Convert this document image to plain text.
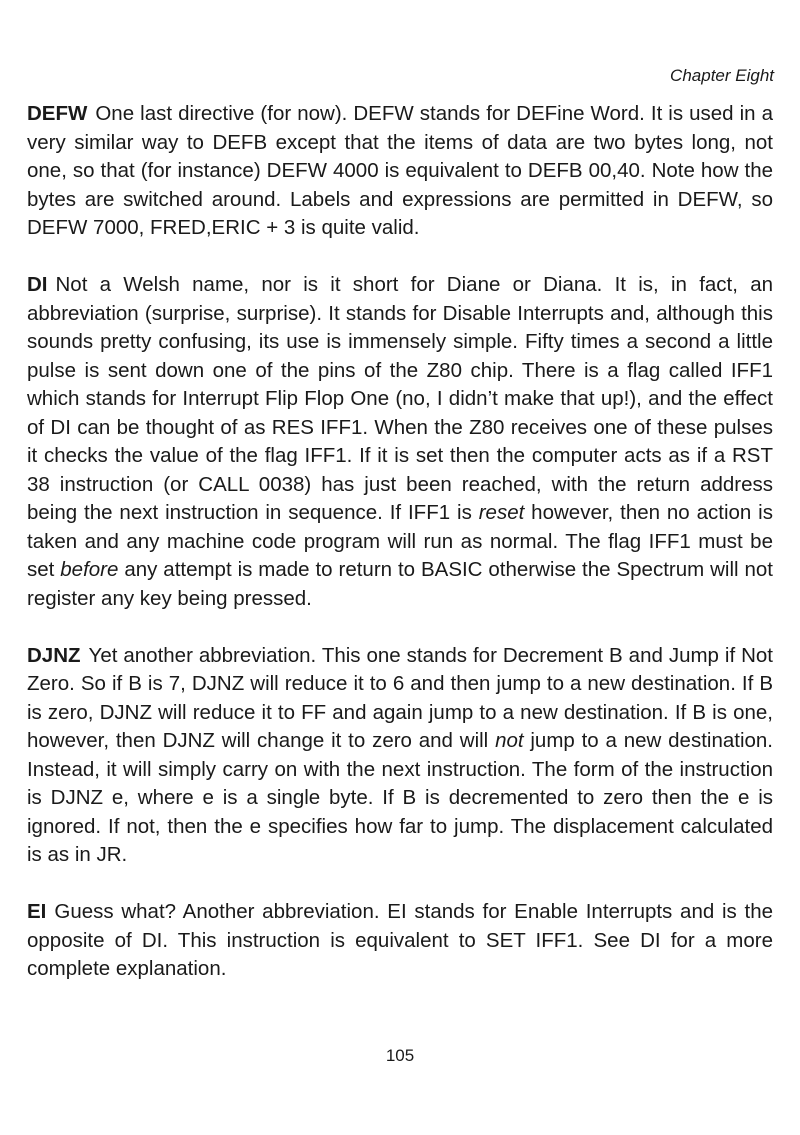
Chapter Eight

DEFW One last directive (for now). DEFW stands for DEFine Word. It is used in a very similar way to DEFB except that the items of data are two bytes long, not one, so that (for instance) DEFW 4000 is equivalent to DEFB 00,40. Note how the bytes are switched around. Labels and expressions are permitted in DEFW, so DEFW 7000, FRED,ERIC + 3 is quite valid.

DI Not a Welsh name, nor is it short for Diane or Diana. It is, in fact, an abbreviation (surprise, surprise). It stands for Disable Interrupts and, although this sounds pretty confusing, its use is immensely simple. Fifty times a second a little pulse is sent down one of the pins of the Z80 chip. There is a flag called IFF1 which stands for Interrupt Flip Flop One (no, I didn’t make that up!), and the effect of DI can be thought of as RES IFF1. When the Z80 receives one of these pulses it checks the value of the flag IFF1. If it is set then the computer acts as if a RST 38 instruction (or CALL 0038) has just been reached, with the return address being the next instruction in sequence. If IFF1 is reset however, then no action is taken and any machine code program will run as normal. The flag IFF1 must be set before any attempt is made to return to BASIC otherwise the Spectrum will not register any key being pressed.

DJNZ Yet another abbreviation. This one stands for Decrement B and Jump if Not Zero. So if B is 7, DJNZ will reduce it to 6 and then jump to a new destination. If B is zero, DJNZ will reduce it to FF and again jump to a new destination. If B is one, however, then DJNZ will change it to zero and will not jump to a new destination. Instead, it will simply carry on with the next instruction. The form of the instruction is DJNZ e, where e is a single byte. If B is decremented to zero then the e is ignored. If not, then the e specifies how far to jump. The displacement calculated is as in JR.

EI Guess what? Another abbreviation. EI stands for Enable Interrupts and is the opposite of DI. This instruction is equivalent to SET IFF1. See DI for a more complete explanation.

105
